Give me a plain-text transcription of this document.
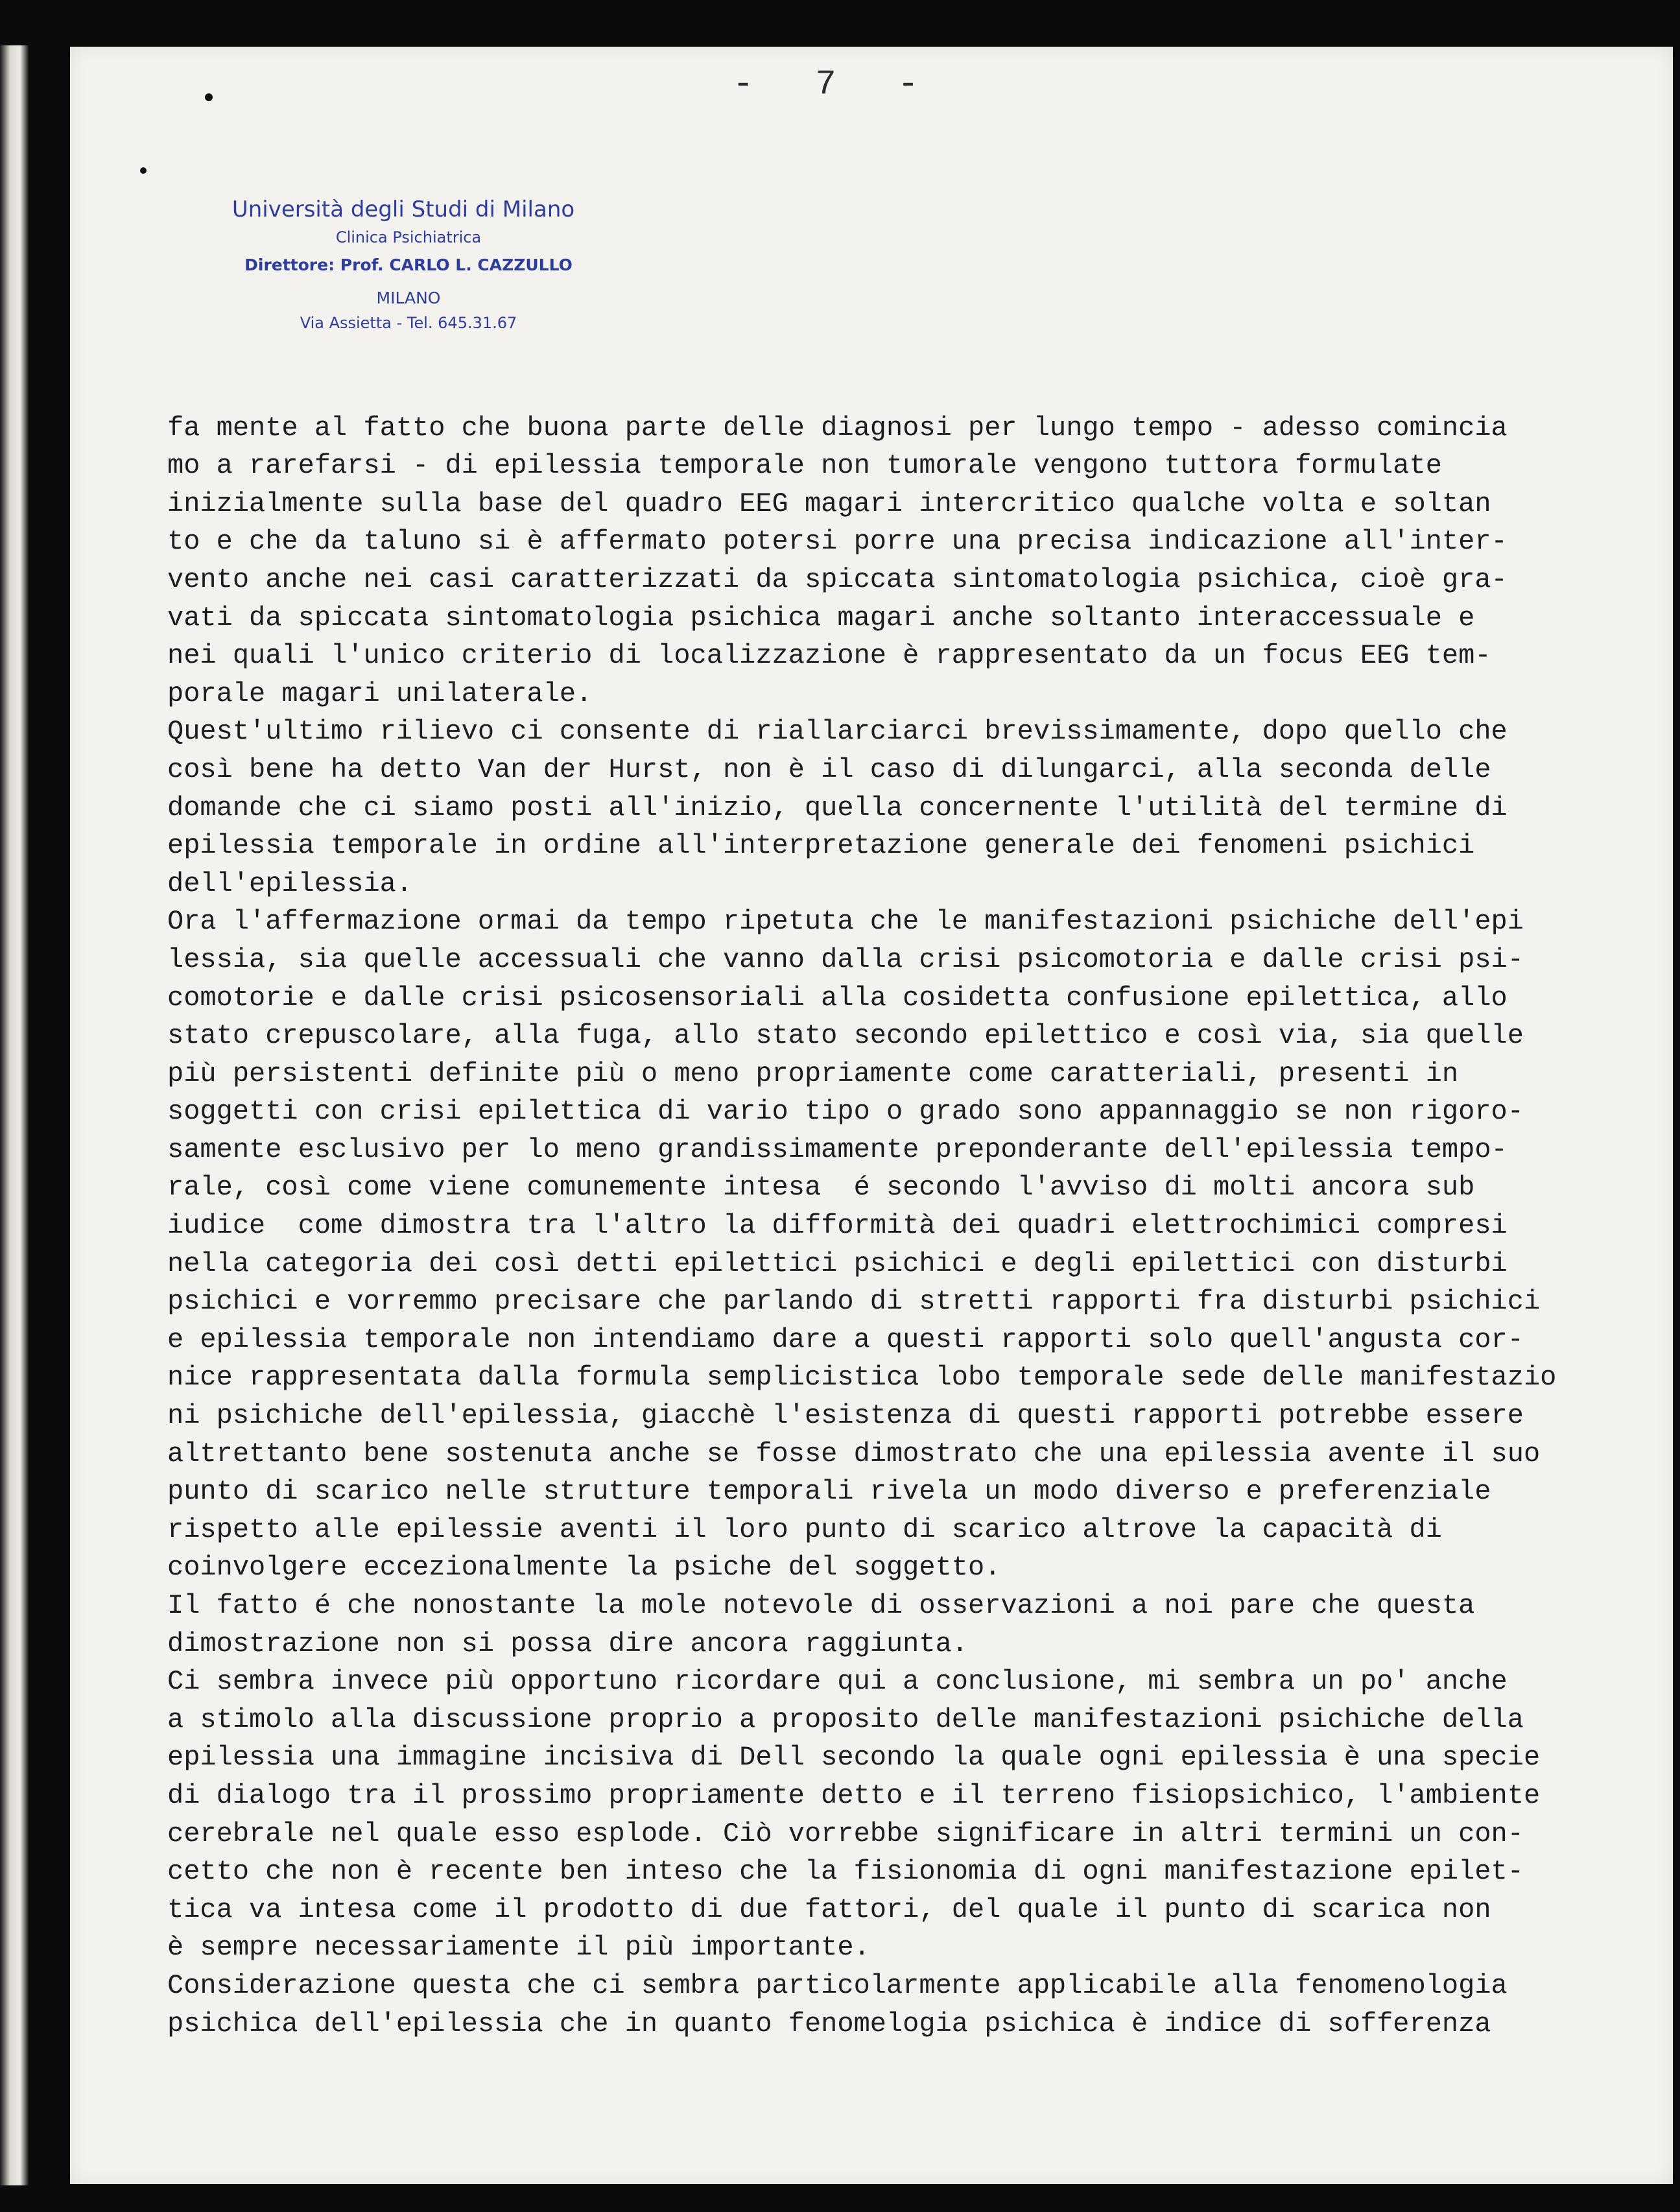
-  7  -
Università degli Studi di Milano
Clinica Psichiatrica
Direttore: Prof. CARLO L. CAZZULLO
MILANO
Via Assietta - Tel. 645.31.67

fa mente al fatto che buona parte delle diagnosi per lungo tempo - adesso comincia
mo a rarefarsi - di epilessia temporale non tumorale vengono tuttora formulate
inizialmente sulla base del quadro EEG magari intercritico qualche volta e soltan
to e che da taluno si è affermato potersi porre una precisa indicazione all'inter-
vento anche nei casi caratterizzati da spiccata sintomatologia psichica, cioè gra-
vati da spiccata sintomatologia psichica magari anche soltanto interaccessuale e
nei quali l'unico criterio di localizzazione è rappresentato da un focus EEG tem-
porale magari unilaterale.
Quest'ultimo rilievo ci consente di riallarciarci brevissimamente, dopo quello che
così bene ha detto Van der Hurst, non è il caso di dilungarci, alla seconda delle
domande che ci siamo posti all'inizio, quella concernente l'utilità del termine di
epilessia temporale in ordine all'interpretazione generale dei fenomeni psichici
dell'epilessia.
Ora l'affermazione ormai da tempo ripetuta che le manifestazioni psichiche dell'epi
lessia, sia quelle accessuali che vanno dalla crisi psicomotoria e dalle crisi psi-
comotorie e dalle crisi psicosensoriali alla cosidetta confusione epilettica, allo
stato crepuscolare, alla fuga, allo stato secondo epilettico e così via, sia quelle
più persistenti definite più o meno propriamente come caratteriali, presenti in
soggetti con crisi epilettica di vario tipo o grado sono appannaggio se non rigoro-
samente esclusivo per lo meno grandissimamente preponderante dell'epilessia tempo-
rale, così come viene comunemente intesa  é secondo l'avviso di molti ancora sub
iudice  come dimostra tra l'altro la difformità dei quadri elettrochimici compresi
nella categoria dei così detti epilettici psichici e degli epilettici con disturbi
psichici e vorremmo precisare che parlando di stretti rapporti fra disturbi psichici
e epilessia temporale non intendiamo dare a questi rapporti solo quell'angusta cor-
nice rappresentata dalla formula semplicistica lobo temporale sede delle manifestazio
ni psichiche dell'epilessia, giacchè l'esistenza di questi rapporti potrebbe essere
altrettanto bene sostenuta anche se fosse dimostrato che una epilessia avente il suo
punto di scarico nelle strutture temporali rivela un modo diverso e preferenziale
rispetto alle epilessie aventi il loro punto di scarico altrove la capacità di
coinvolgere eccezionalmente la psiche del soggetto.
Il fatto é che nonostante la mole notevole di osservazioni a noi pare che questa
dimostrazione non si possa dire ancora raggiunta.
Ci sembra invece più opportuno ricordare qui a conclusione, mi sembra un po' anche
a stimolo alla discussione proprio a proposito delle manifestazioni psichiche della
epilessia una immagine incisiva di Dell secondo la quale ogni epilessia è una specie
di dialogo tra il prossimo propriamente detto e il terreno fisiopsichico, l'ambiente
cerebrale nel quale esso esplode. Ciò vorrebbe significare in altri termini un con-
cetto che non è recente ben inteso che la fisionomia di ogni manifestazione epilet-
tica va intesa come il prodotto di due fattori, del quale il punto di scarica non
è sempre necessariamente il più importante.
Considerazione questa che ci sembra particolarmente applicabile alla fenomenologia
psichica dell'epilessia che in quanto fenomelogia psichica è indice di sofferenza
